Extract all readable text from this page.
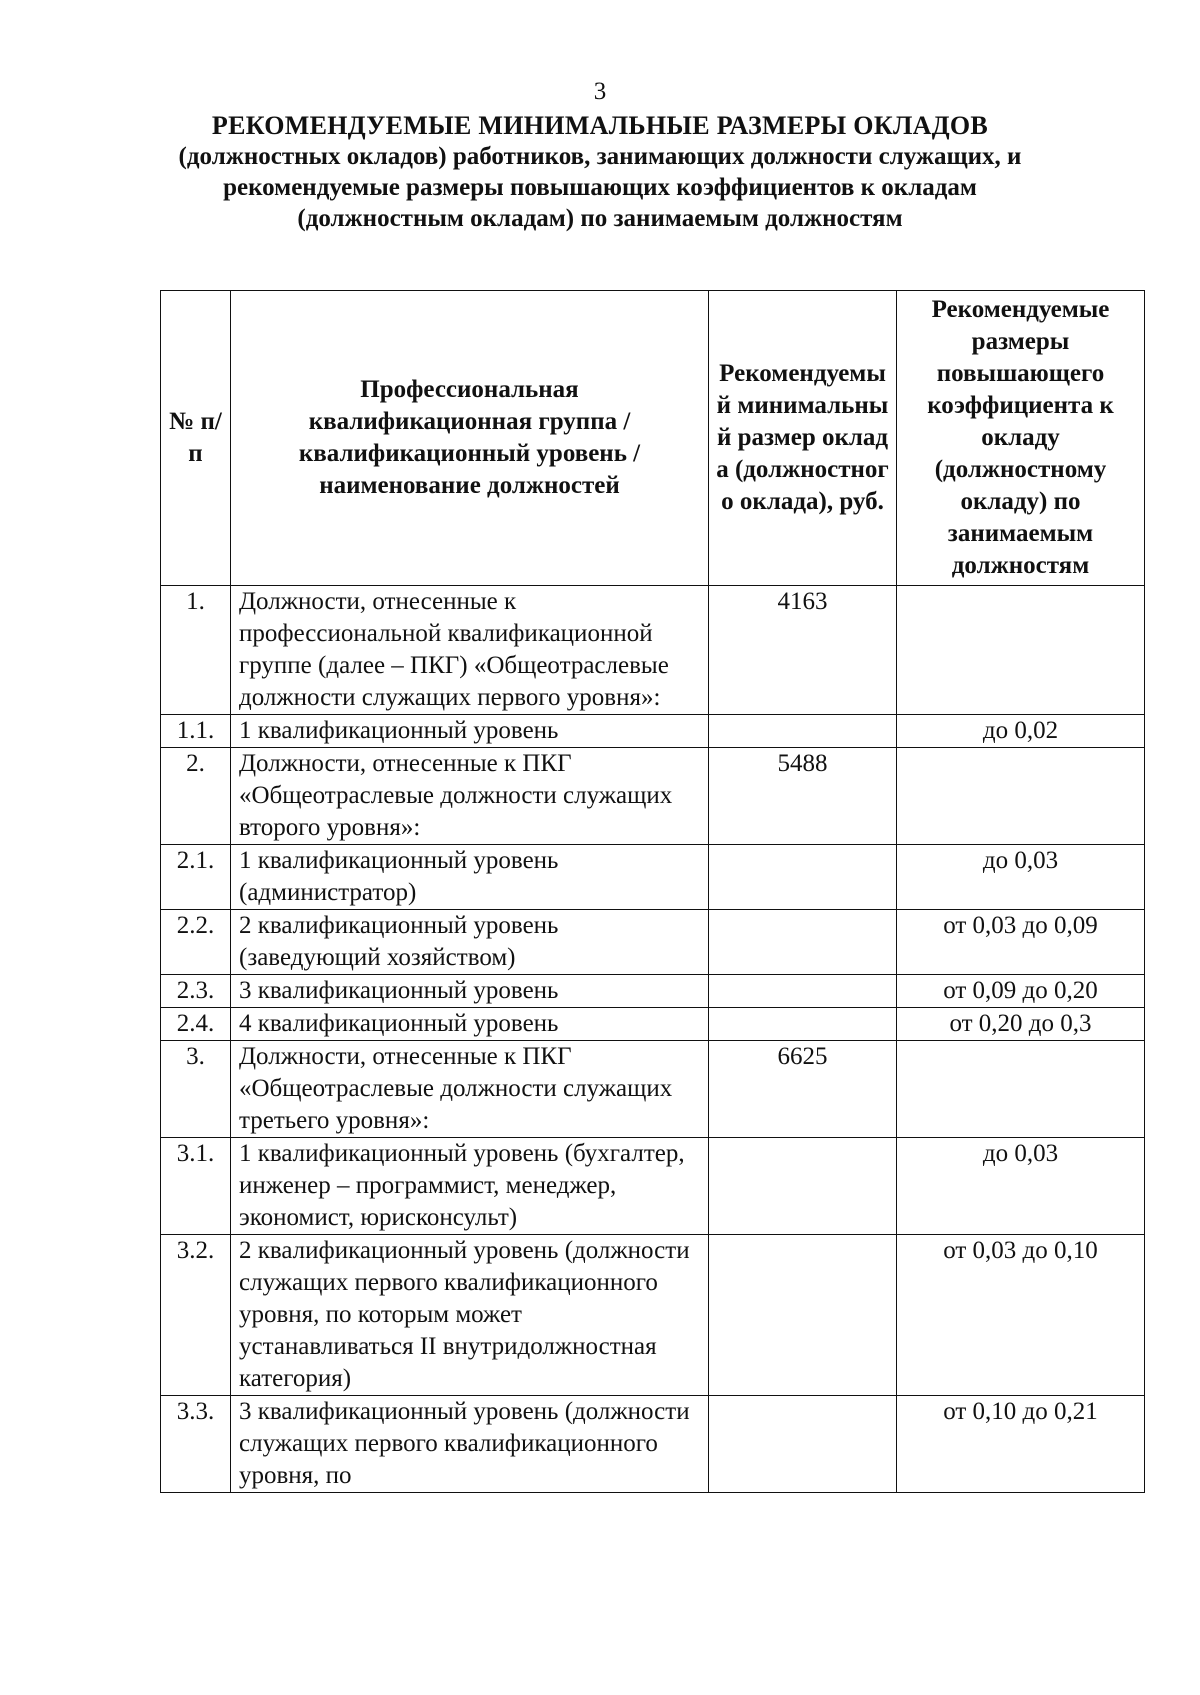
3
РЕКОМЕНДУЕМЫЕ МИНИМАЛЬНЫЕ РАЗМЕРЫ ОКЛАДОВ
(должностных окладов) работников, занимающих должности служащих, и
рекомендуемые размеры повышающих коэффициентов к окладам
(должностным окладам) по занимаемым должностям
№ п/п	Профессиональная квалификационная группа / квалификационный уровень / наименование должностей	Рекомендуемый минимальный размер оклада (должностного оклада), руб.	Рекомендуемые размеры повышающего коэффициента к окладу (должностному окладу) по занимаемым должностям
1.	Должности, отнесенные к профессиональной квалификационной группе (далее – ПКГ) «Общеотраслевые должности служащих первого уровня»:	4163	
1.1.	1 квалификационный уровень		до 0,02
2.	Должности, отнесенные к ПКГ «Общеотраслевые должности служащих второго уровня»:	5488	
2.1.	1 квалификационный уровень (администратор)		до 0,03
2.2.	2 квалификационный уровень (заведующий хозяйством)		от 0,03 до 0,09
2.3.	3 квалификационный уровень		от 0,09 до 0,20
2.4.	4 квалификационный уровень		от 0,20 до 0,3
3.	Должности, отнесенные к ПКГ «Общеотраслевые должности служащих третьего уровня»:	6625	
3.1.	1 квалификационный уровень (бухгалтер, инженер – программист, менеджер, экономист, юрисконсульт)		до 0,03
3.2.	2 квалификационный уровень (должности служащих первого квалификационного уровня, по которым может устанавливаться II внутридолжностная категория)		от 0,03 до 0,10
3.3.	3 квалификационный уровень (должности служащих первого квалификационного уровня, по		от 0,10 до 0,21
